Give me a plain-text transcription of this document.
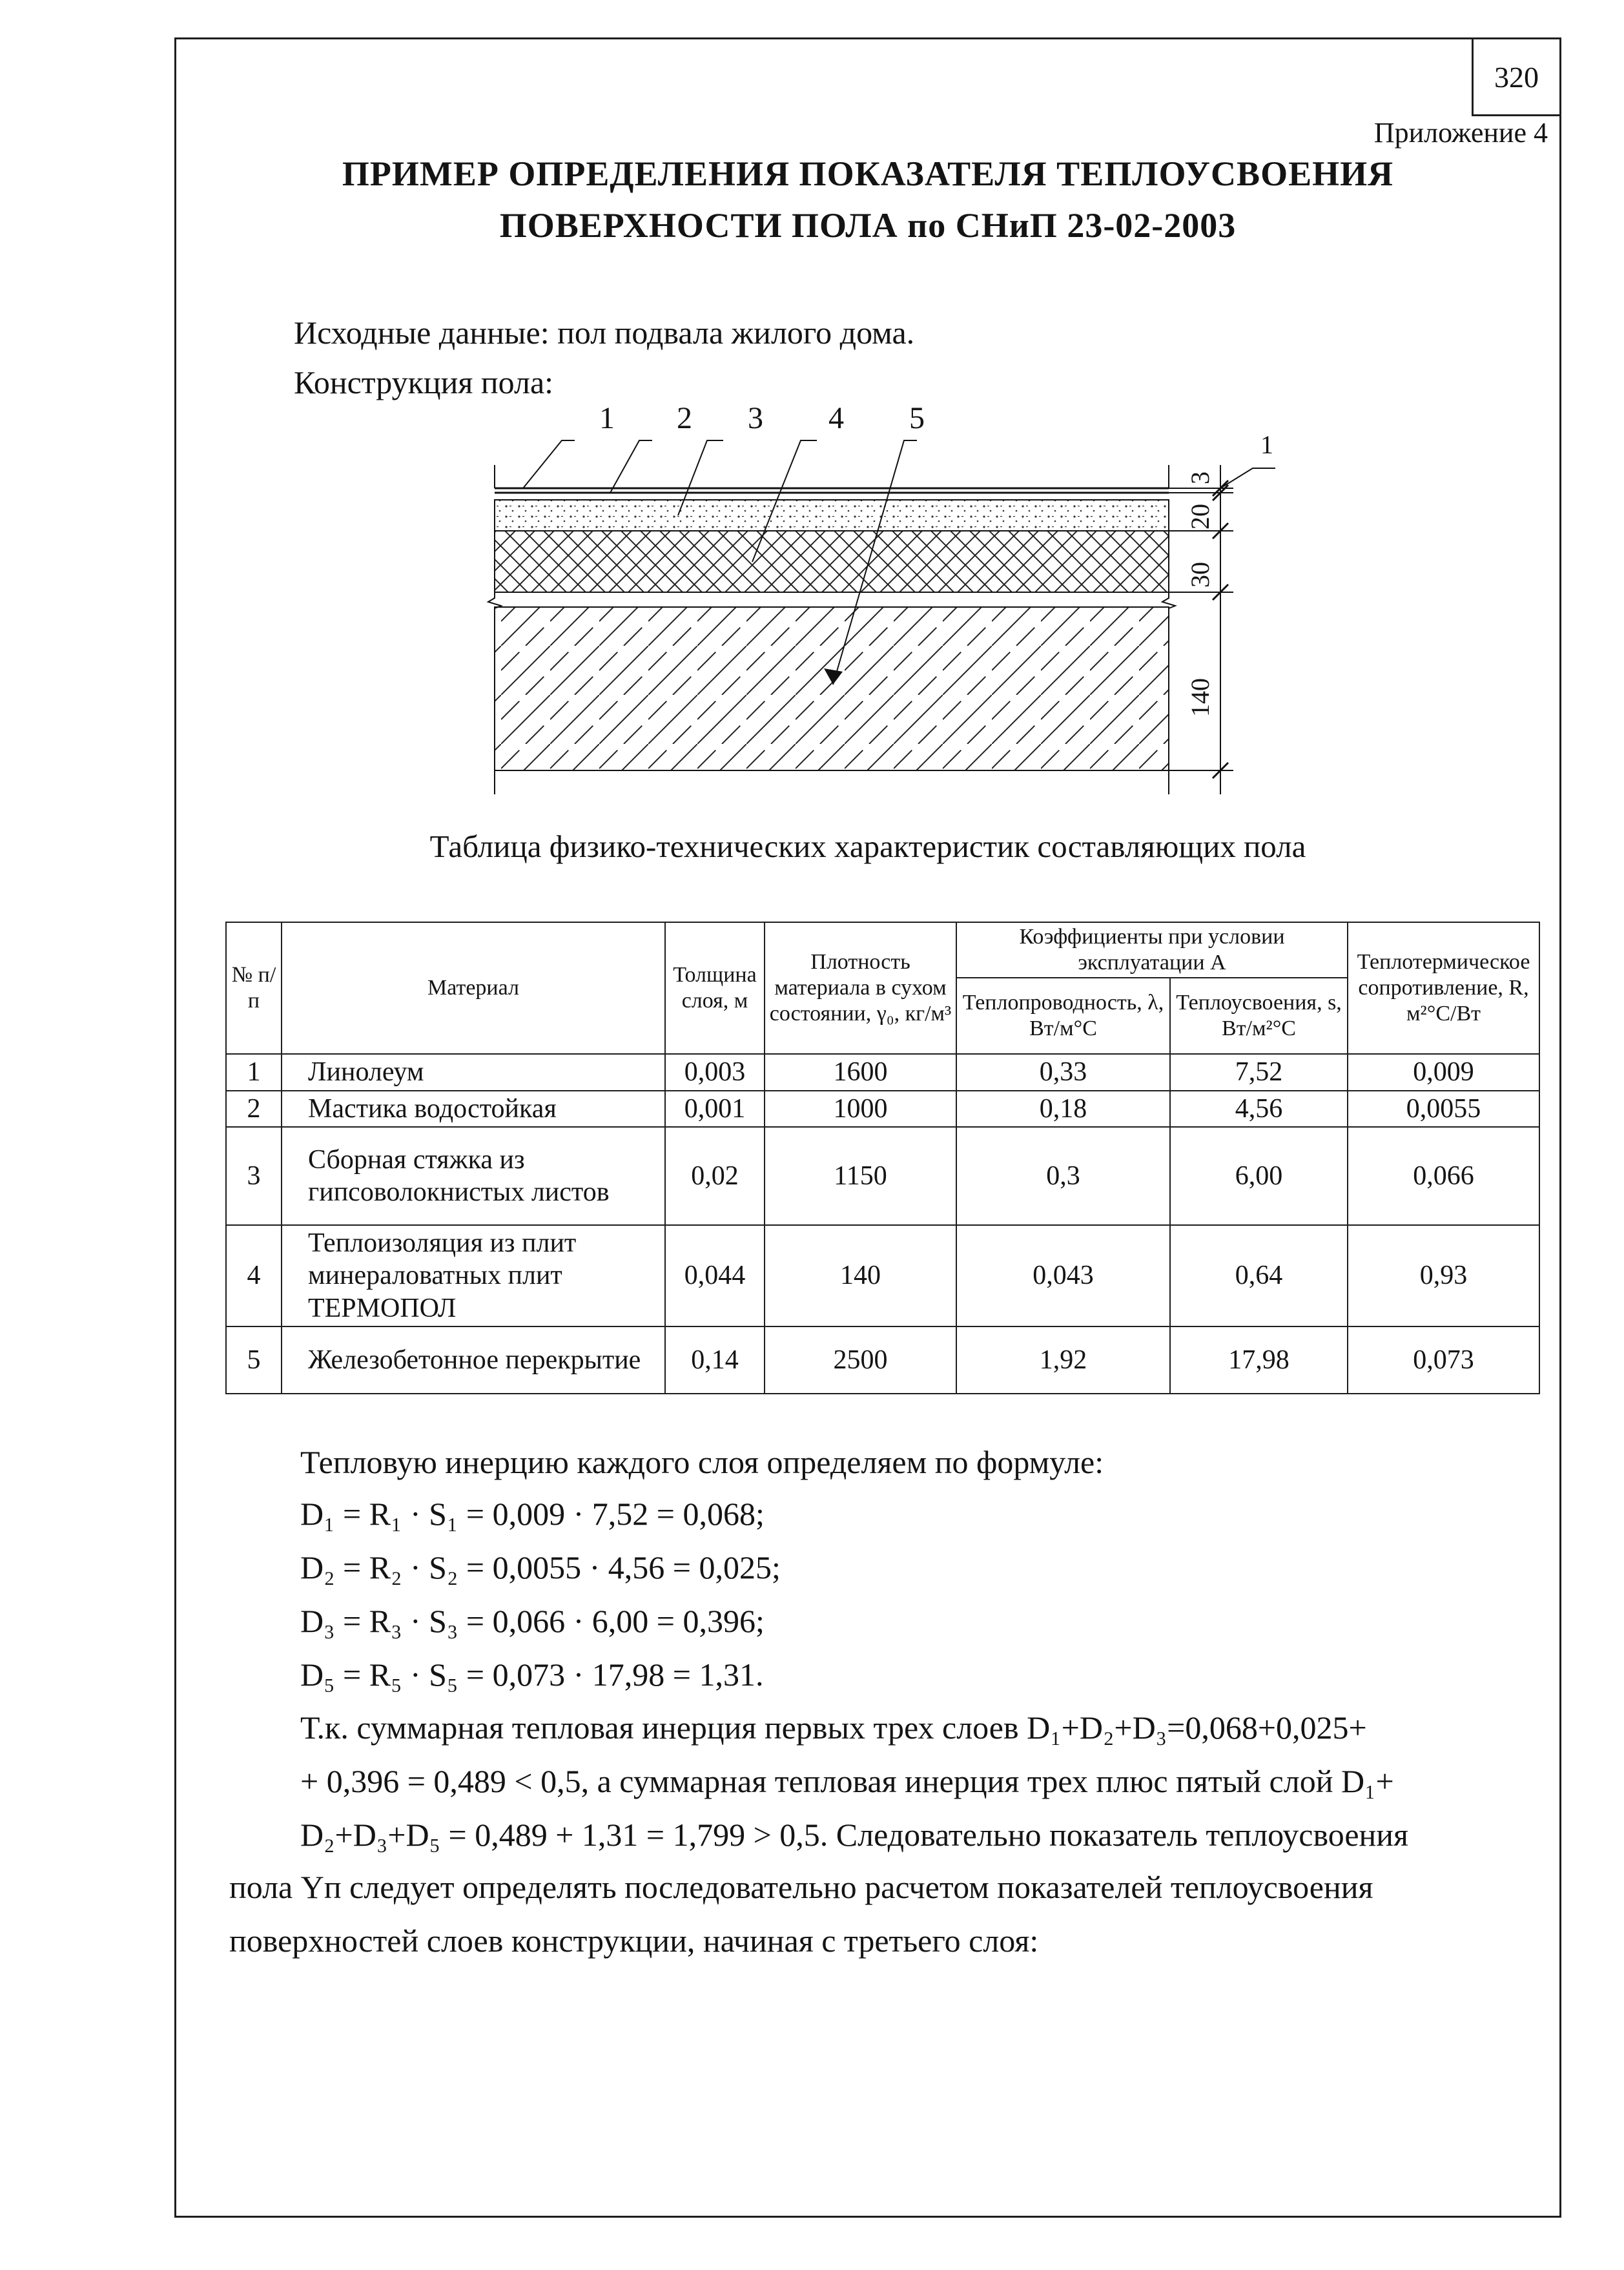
320
Приложение 4
ПРИМЕР ОПРЕДЕЛЕНИЯ ПОКАЗАТЕЛЯ ТЕПЛОУСВОЕНИЯ
ПОВЕРХНОСТИ ПОЛА по СНиП 23-02-2003
Исходные данные: пол подвала жилого дома.
Конструкция пола:
1 2 3 4 5
3
20
30
140
1
Таблица физико-технических характеристик составляющих пола
№ п/п	Материал	Толщина слоя, м	Плотность материала в сухом состоянии, γ₀, кг/м³	Коэффициенты при условии эксплуатации А		Теплотермическое сопротивление, R, м²°С/Вт
				Теплопроводность, λ, Вт/м°С	Теплоусвоения, s, Вт/м²°С	
1	Линолеум	0,003	1600	0,33	7,52	0,009
2	Мастика водостойкая	0,001	1000	0,18	4,56	0,0055
3	Сборная стяжка из гипсоволокнистых листов	0,02	1150	0,3	6,00	0,066
4	Теплоизоляция из плит минераловатных плит ТЕРМОПОЛ	0,044	140	0,043	0,64	0,93
5	Железобетонное перекрытие	0,14	2500	1,92	17,98	0,073
Тепловую инерцию каждого слоя определяем по формуле:
D₁ = R₁ · S₁ = 0,009 · 7,52 = 0,068;
D₂ = R₂ · S₂ = 0,0055 · 4,56 = 0,025;
D₃ = R₃ · S₃ = 0,066 · 6,00 = 0,396;
D₅ = R₅ · S₅ = 0,073 · 17,98 = 1,31.
Т.к. суммарная тепловая инерция первых трех слоев D₁+D₂+D₃=0,068+0,025+
+ 0,396 = 0,489 < 0,5, а суммарная тепловая инерция трех плюс пятый слой D₁+
D₂+D₃+D₅ = 0,489 + 1,31 = 1,799 > 0,5. Следовательно показатель теплоусвоения
пола Yп следует определять последовательно расчетом показателей теплоусвоения
поверхностей слоев конструкции, начиная с третьего слоя:
